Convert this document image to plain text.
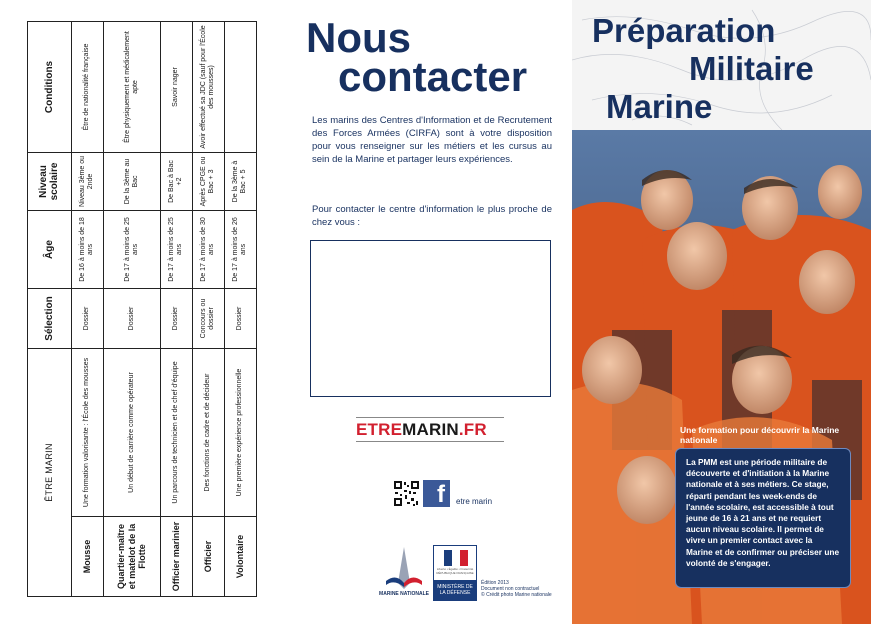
ÊTRE MARIN		Sélection	Âge	Niveau scolaire	Conditions
Mousse	Une formation valorisante : l'École des mousses	Dossier	De 16 à moins de 18 ans	Niveau 3ème ou 2nde	Être de nationalité française
Quartier-maître et matelot de la Flotte	Un début de carrière comme opérateur	Dossier	De 17 à moins de 25 ans	De la 3ème au Bac	Être physiquement et médicalement apte
Officier marinier	Un parcours de technicien et de chef d'équipe	Dossier	De 17 à moins de 25 ans	De Bac à Bac +2	Savoir nager
Officier	Des fonctions de cadre et de décideur	Concours ou dossier	De 17 à moins de 30 ans	Après CPGE ou Bac + 3	Avoir effectué sa JDC (sauf pour l'École des mousses)
Volontaire	Une première expérience professionnelle	Dossier	De 17 à moins de 26 ans	De la 3ème à Bac + 5	
Nous
contacter

Les marins des Centres d'Information et de Recrutement des Forces Armées (CIRFA) sont à votre disposition pour vous renseigner sur les métiers et les cursus au sein de la Marine et partager leurs expériences.

Pour contacter le centre d'information le plus proche de chez vous :

ETREMARIN.FR
f	etre marin
MARINE NATIONALE
Liberté • Égalité • Fraternité RÉPUBLIQUE FRANÇAISE
MINISTÈRE DE LA DÉFENSE

Édition 2013
Document non contractuel
© Crédit photo Marine nationale

Préparation
Militaire
Marine

Une formation pour découvrir la Marine nationale

La PMM est une période militaire de découverte et d'initiation à la Marine nationale et à ses métiers. Ce stage, réparti pendant les week-ends de l'année scolaire, est accessible à tout jeune de 16 à 21 ans et ne requiert aucun niveau scolaire. Il permet de vivre un premier contact avec la Marine et de confirmer ou préciser une volonté de s'engager.
